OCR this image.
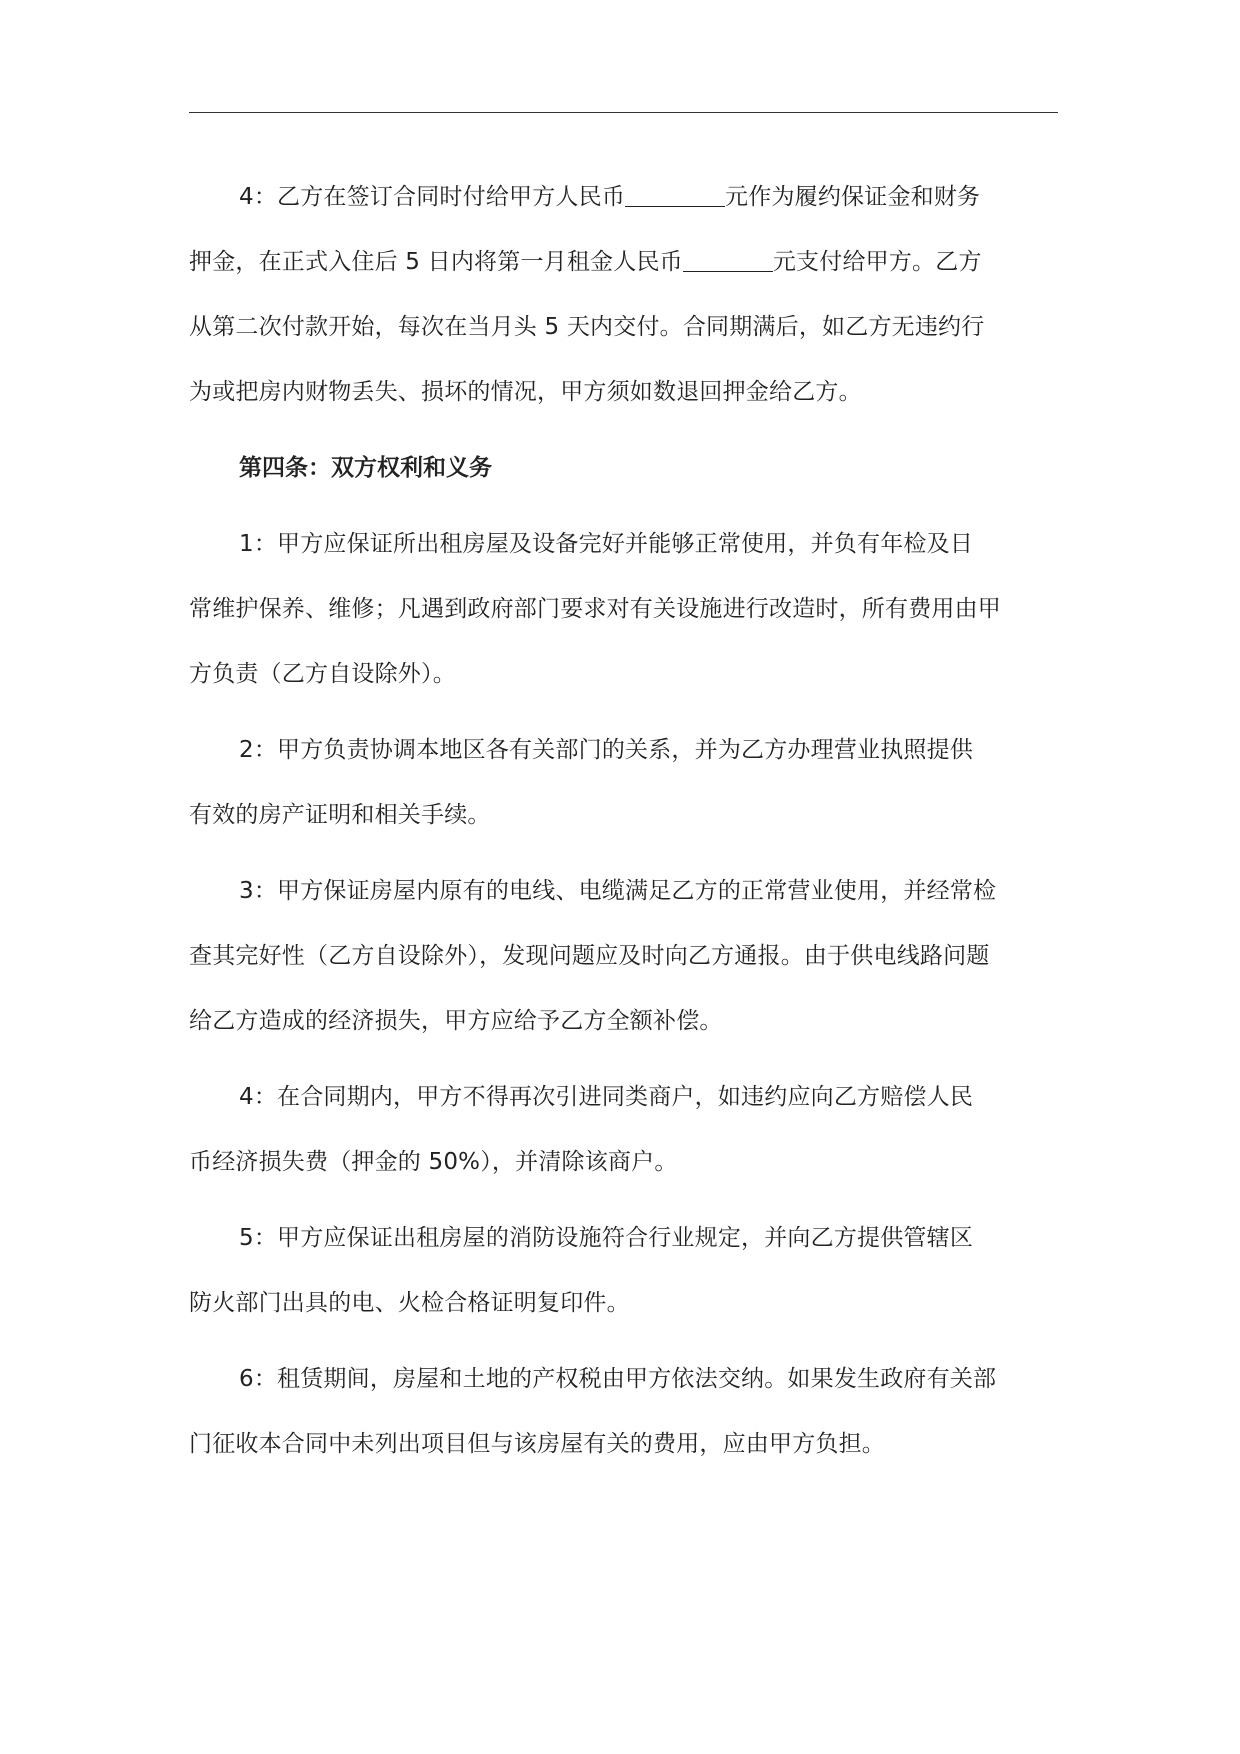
4：乙方在签订合同时付给甲方人民币	元作为履约保证金和财务
押金，在正式入住后 5 日内将第一月租金人民币	元支付给甲方。乙方
从第二次付款开始，每次在当月头 5 天内交付。合同期满后，如乙方无违约行
为或把房内财物丢失、损坏的情况，甲方须如数退回押金给乙方。
第四条：双方权利和义务
1：甲方应保证所出租房屋及设备完好并能够正常使用，并负有年检及日
常维护保养、维修；凡遇到政府部门要求对有关设施进行改造时，所有费用由甲
方负责（乙方自设除外）。
2：甲方负责协调本地区各有关部门的关系，并为乙方办理营业执照提供
有效的房产证明和相关手续。
3：甲方保证房屋内原有的电线、电缆满足乙方的正常营业使用，并经常检
查其完好性（乙方自设除外），发现问题应及时向乙方通报。由于供电线路问题
给乙方造成的经济损失，甲方应给予乙方全额补偿。
4：在合同期内，甲方不得再次引进同类商户，如违约应向乙方赔偿人民
币经济损失费（押金的 50%），并清除该商户。
5：甲方应保证出租房屋的消防设施符合行业规定，并向乙方提供管辖区
防火部门出具的电、火检合格证明复印件。
6：租赁期间，房屋和土地的产权税由甲方依法交纳。如果发生政府有关部
门征收本合同中未列出项目但与该房屋有关的费用，应由甲方负担。
